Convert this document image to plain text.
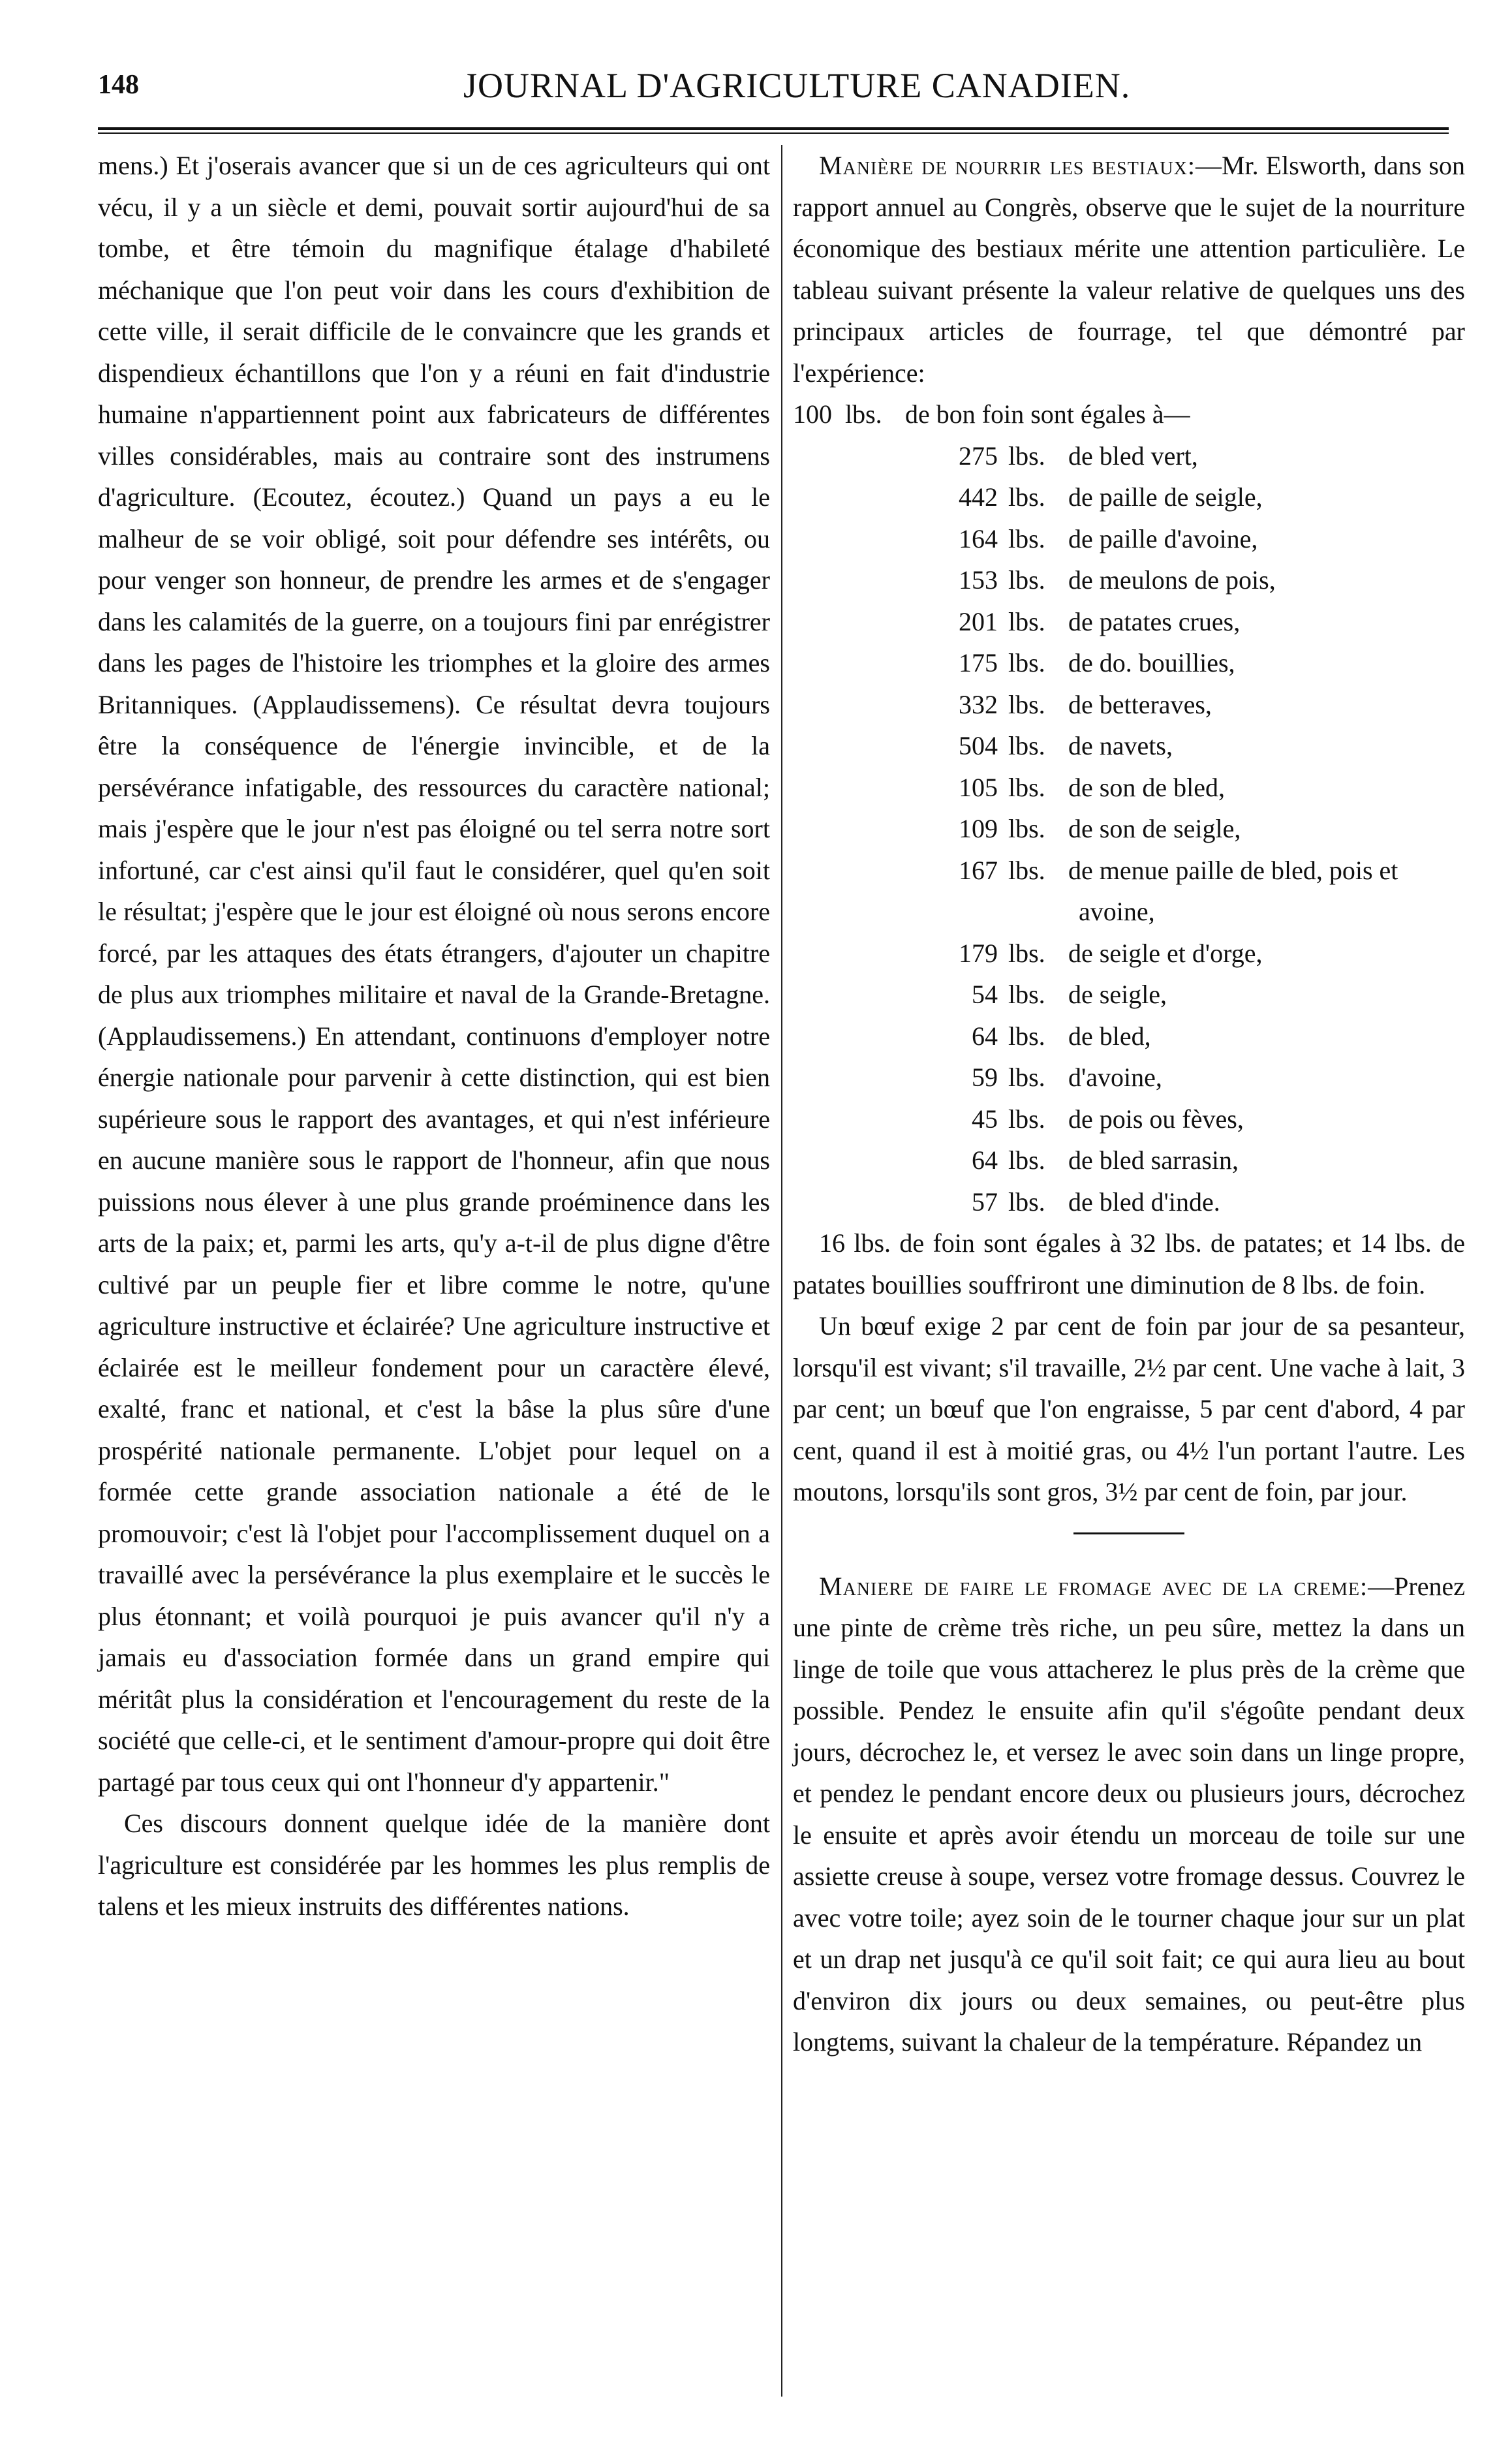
148	JOURNAL D'AGRICULTURE CANADIEN.

mens.) Et j'oserais avancer que si un de ces agriculteurs qui ont vécu, il y a un siècle et demi, pouvait sortir aujourd'hui de sa tombe, et être témoin du magnifique étalage d'habileté méchanique que l'on peut voir dans les cours d'exhibition de cette ville, il serait difficile de le convaincre que les grands et dispendieux échantillons que l'on y a réuni en fait d'industrie humaine n'appartiennent point aux fabricateurs de différentes villes considérables, mais au contraire sont des instrumens d'agriculture. (Ecoutez, écoutez.) Quand un pays a eu le malheur de se voir obligé, soit pour défendre ses intérêts, ou pour venger son honneur, de prendre les armes et de s'engager dans les calamités de la guerre, on a toujours fini par enrégistrer dans les pages de l'histoire les triomphes et la gloire des armes Britanniques. (Applaudissemens). Ce résultat devra toujours être la conséquence de l'énergie invincible, et de la persévérance infatigable, des ressources du caractère national; mais j'espère que le jour n'est pas éloigné ou tel serra notre sort infortuné, car c'est ainsi qu'il faut le considérer, quel qu'en soit le résultat; j'espère que le jour est éloigné où nous serons encore forcé, par les attaques des états étrangers, d'ajouter un chapitre de plus aux triomphes militaire et naval de la Grande-Bretagne. (Applaudissemens.) En attendant, continuons d'employer notre énergie nationale pour parvenir à cette distinction, qui est bien supérieure sous le rapport des avantages, et qui n'est inférieure en aucune manière sous le rapport de l'honneur, afin que nous puissions nous élever à une plus grande proéminence dans les arts de la paix; et, parmi les arts, qu'y a-t-il de plus digne d'être cultivé par un peuple fier et libre comme le notre, qu'une agriculture instructive et éclairée? Une agriculture instructive et éclairée est le meilleur fondement pour un caractère élevé, exalté, franc et national, et c'est la bâse la plus sûre d'une prospérité nationale permanente. L'objet pour lequel on a formée cette grande association nationale a été de le promouvoir; c'est là l'objet pour l'accomplissement duquel on a travaillé avec la persévérance la plus exemplaire et le succès le plus étonnant; et voilà pourquoi je puis avancer qu'il n'y a jamais eu d'association formée dans un grand empire qui méritât plus la considération et l'encouragement du reste de la société que celle-ci, et le sentiment d'amour-propre qui doit être partagé par tous ceux qui ont l'honneur d'y appartenir."

Ces discours donnent quelque idée de la manière dont l'agriculture est considérée par les hommes les plus remplis de talens et les mieux instruits des différentes nations.

Manière de nourrir les bestiaux:—Mr. Elsworth, dans son rapport annuel au Congrès, observe que le sujet de la nourriture économique des bestiaux mérite une attention particulière. Le tableau suivant présente la valeur relative de quelques uns des principaux articles de fourrage, tel que démontré par l'expérience:

100 lbs. de bon foin sont égales à—
275 lbs. de bled vert,
442 lbs. de paille de seigle,
164 lbs. de paille d'avoine,
153 lbs. de meulons de pois,
201 lbs. de patates crues,
175 lbs. de do. bouillies,
332 lbs. de betteraves,
504 lbs. de navets,
105 lbs. de son de bled,
109 lbs. de son de seigle,
167 lbs. de menue paille de bled, pois et
avoine,
179 lbs. de seigle et d'orge,
54 lbs. de seigle,
64 lbs. de bled,
59 lbs. d'avoine,
45 lbs. de pois ou fèves,
64 lbs. de bled sarrasin,
57 lbs. de bled d'inde.

16 lbs. de foin sont égales à 32 lbs. de patates; et 14 lbs. de patates bouillies souffriront une diminution de 8 lbs. de foin.

Un bœuf exige 2 par cent de foin par jour de sa pesanteur, lorsqu'il est vivant; s'il travaille, 2½ par cent. Une vache à lait, 3 par cent; un bœuf que l'on engraisse, 5 par cent d'abord, 4 par cent, quand il est à moitié gras, ou 4½ l'un portant l'autre. Les moutons, lorsqu'ils sont gros, 3½ par cent de foin, par jour.

Maniere de faire le fromage avec de la creme:—Prenez une pinte de crème très riche, un peu sûre, mettez la dans un linge de toile que vous attacherez le plus près de la crème que possible. Pendez le ensuite afin qu'il s'égoûte pendant deux jours, décrochez le, et versez le avec soin dans un linge propre, et pendez le pendant encore deux ou plusieurs jours, décrochez le ensuite et après avoir étendu un morceau de toile sur une assiette creuse à soupe, versez votre fromage dessus. Couvrez le avec votre toile; ayez soin de le tourner chaque jour sur un plat et un drap net jusqu'à ce qu'il soit fait; ce qui aura lieu au bout d'environ dix jours ou deux semaines, ou peut-être plus longtems, suivant la chaleur de la température. Répandez un
